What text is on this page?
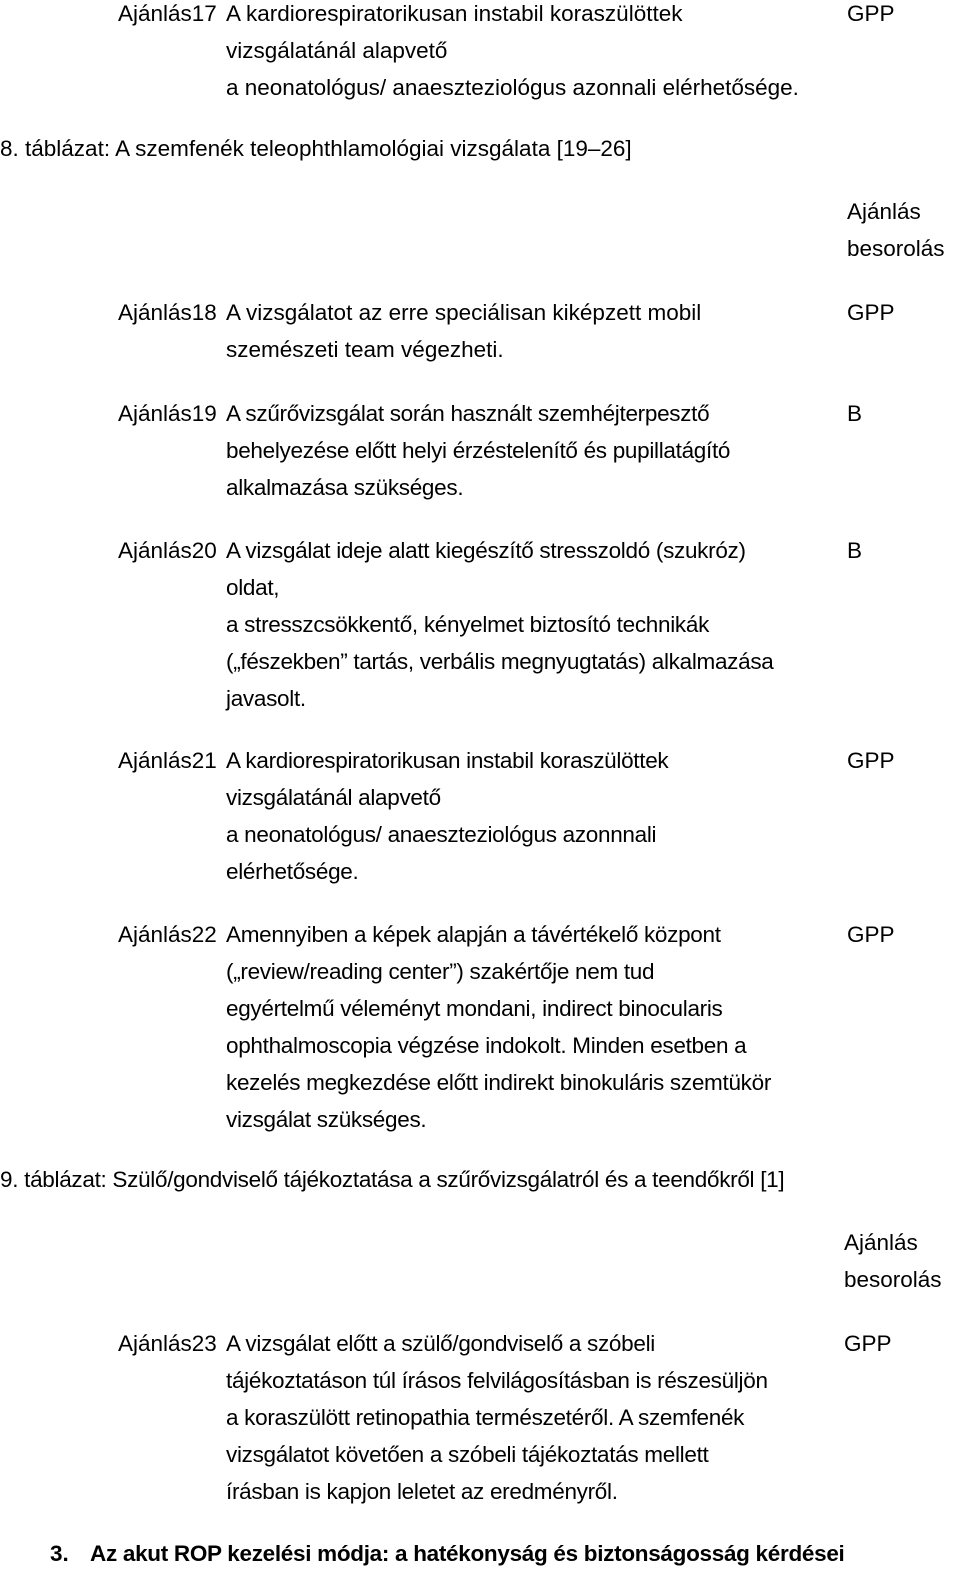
Ajánlás17 A kardiorespiratorikusan instabil koraszülöttek
vizsgálatánál alapvető
a neonatológus/ anaeszteziológus azonnali elérhetősége.
GPP
8. táblázat: A szemfenék teleophthlamológiai vizsgálata [19–26]
Ajánlás
besorolás
Ajánlás18 A vizsgálatot az erre speciálisan kiképzett mobil
szemészeti team végezheti.
GPP
Ajánlás19 A szűrővizsgálat során használt szemhéjterpesztő
behelyezése előtt helyi érzéstelenítő és pupillatágító
alkalmazása szükséges.
B
Ajánlás20 A vizsgálat ideje alatt kiegészítő stresszoldó (szukróz)
oldat,
a stresszcsökkentő, kényelmet biztosító technikák
(„fészekben” tartás, verbális megnyugtatás) alkalmazása
javasolt.
B
Ajánlás21 A kardiorespiratorikusan instabil koraszülöttek
vizsgálatánál alapvető
a neonatológus/ anaeszteziológus azonnnali
elérhetősége.
GPP
Ajánlás22 Amennyiben a képek alapján a távértékelő központ
(„review/reading center”) szakértője nem tud
egyértelmű véleményt mondani, indirect binocularis
ophthalmoscopia végzése indokolt. Minden esetben a
kezelés megkezdése előtt indirekt binokuláris szemtükör
vizsgálat szükséges.
GPP
9. táblázat: Szülő/gondviselő tájékoztatása a szűrővizsgálatról és a teendőkről [1]
Ajánlás
besorolás
Ajánlás23 A vizsgálat előtt a szülő/gondviselő a szóbeli
tájékoztatáson túl írásos felvilágosításban is részesüljön
a koraszülött retinopathia természetéről. A szemfenék
vizsgálatot követően a szóbeli tájékoztatás mellett
írásban is kapjon leletet az eredményről.
GPP
3. Az akut ROP kezelési módja: a hatékonyság és biztonságosság kérdései
